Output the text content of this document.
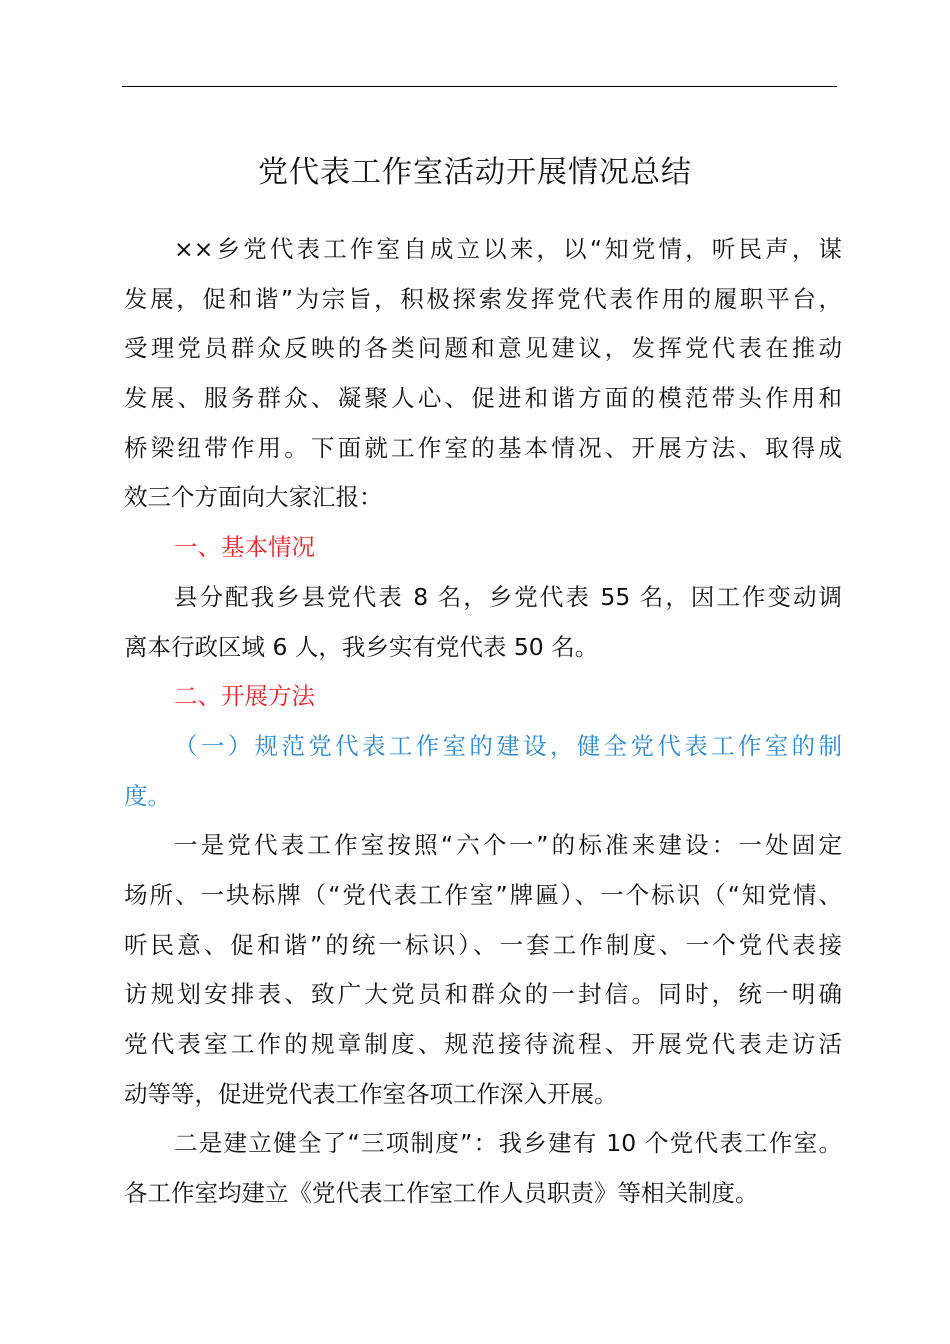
党代表工作室活动开展情况总结
××乡党代表工作室自成立以来，以“知党情，听民声，谋
发展，促和谐”为宗旨，积极探索发挥党代表作用的履职平台，
受理党员群众反映的各类问题和意见建议，发挥党代表在推动
发展、服务群众、凝聚人心、促进和谐方面的模范带头作用和
桥梁纽带作用。下面就工作室的基本情况、开展方法、取得成
效三个方面向大家汇报：
一、基本情况
县分配我乡县党代表 8 名，乡党代表 55 名，因工作变动调
离本行政区域 6 人，我乡实有党代表 50 名。
二、开展方法
（一）规范党代表工作室的建设，健全党代表工作室的制
度。
一是党代表工作室按照“六个一”的标准来建设：一处固定
场所、一块标牌（“党代表工作室”牌匾）、一个标识（“知党情、
听民意、促和谐”的统一标识）、一套工作制度、一个党代表接
访规划安排表、致广大党员和群众的一封信。同时，统一明确
党代表室工作的规章制度、规范接待流程、开展党代表走访活
动等等，促进党代表工作室各项工作深入开展。
二是建立健全了“三项制度”：我乡建有 10 个党代表工作室。
各工作室均建立《党代表工作室工作人员职责》等相关制度。
